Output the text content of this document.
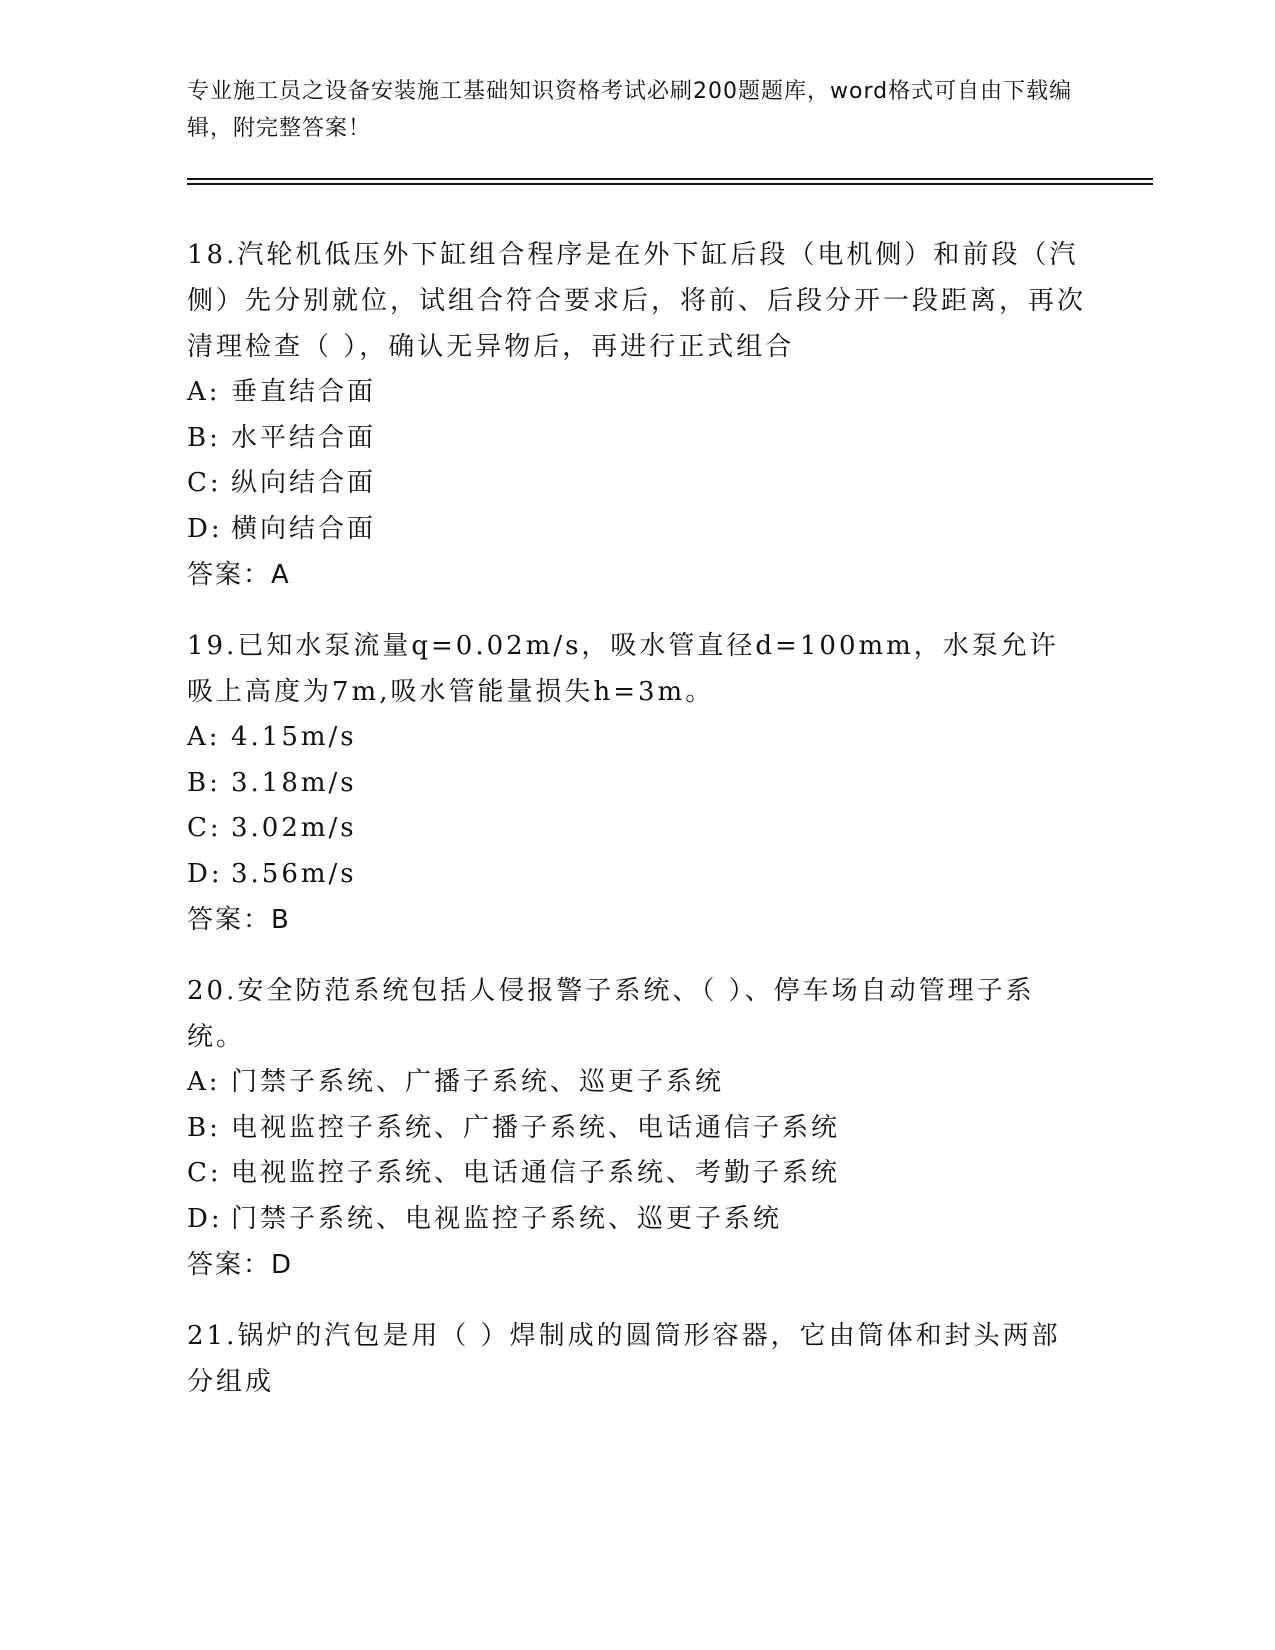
专业施工员之设备安装施工基础知识资格考试必刷200题题库，word格式可自由下载编辑，附完整答案！
18.汽轮机低压外下缸组合程序是在外下缸后段（电机侧）和前段（汽侧）先分别就位，试组合符合要求后，将前、后段分开一段距离，再次清理检查（ ），确认无异物后，再进行正式组合
A: 垂直结合面
B: 水平结合面
C: 纵向结合面
D: 横向结合面
答案：A
19.已知水泵流量q=0.02m/s，吸水管直径d=100mm，水泵允许吸上高度为7m,吸水管能量损失h=3m。
A: 4.15m/s
B: 3.18m/s
C: 3.02m/s
D: 3.56m/s
答案：B
20.安全防范系统包括人侵报警子系统、（ ）、停车场自动管理子系统。
A: 门禁子系统、广播子系统、巡更子系统
B: 电视监控子系统、广播子系统、电话通信子系统
C: 电视监控子系统、电话通信子系统、考勤子系统
D: 门禁子系统、电视监控子系统、巡更子系统
答案：D
21.锅炉的汽包是用（ ）焊制成的圆筒形容器，它由筒体和封头两部分组成
